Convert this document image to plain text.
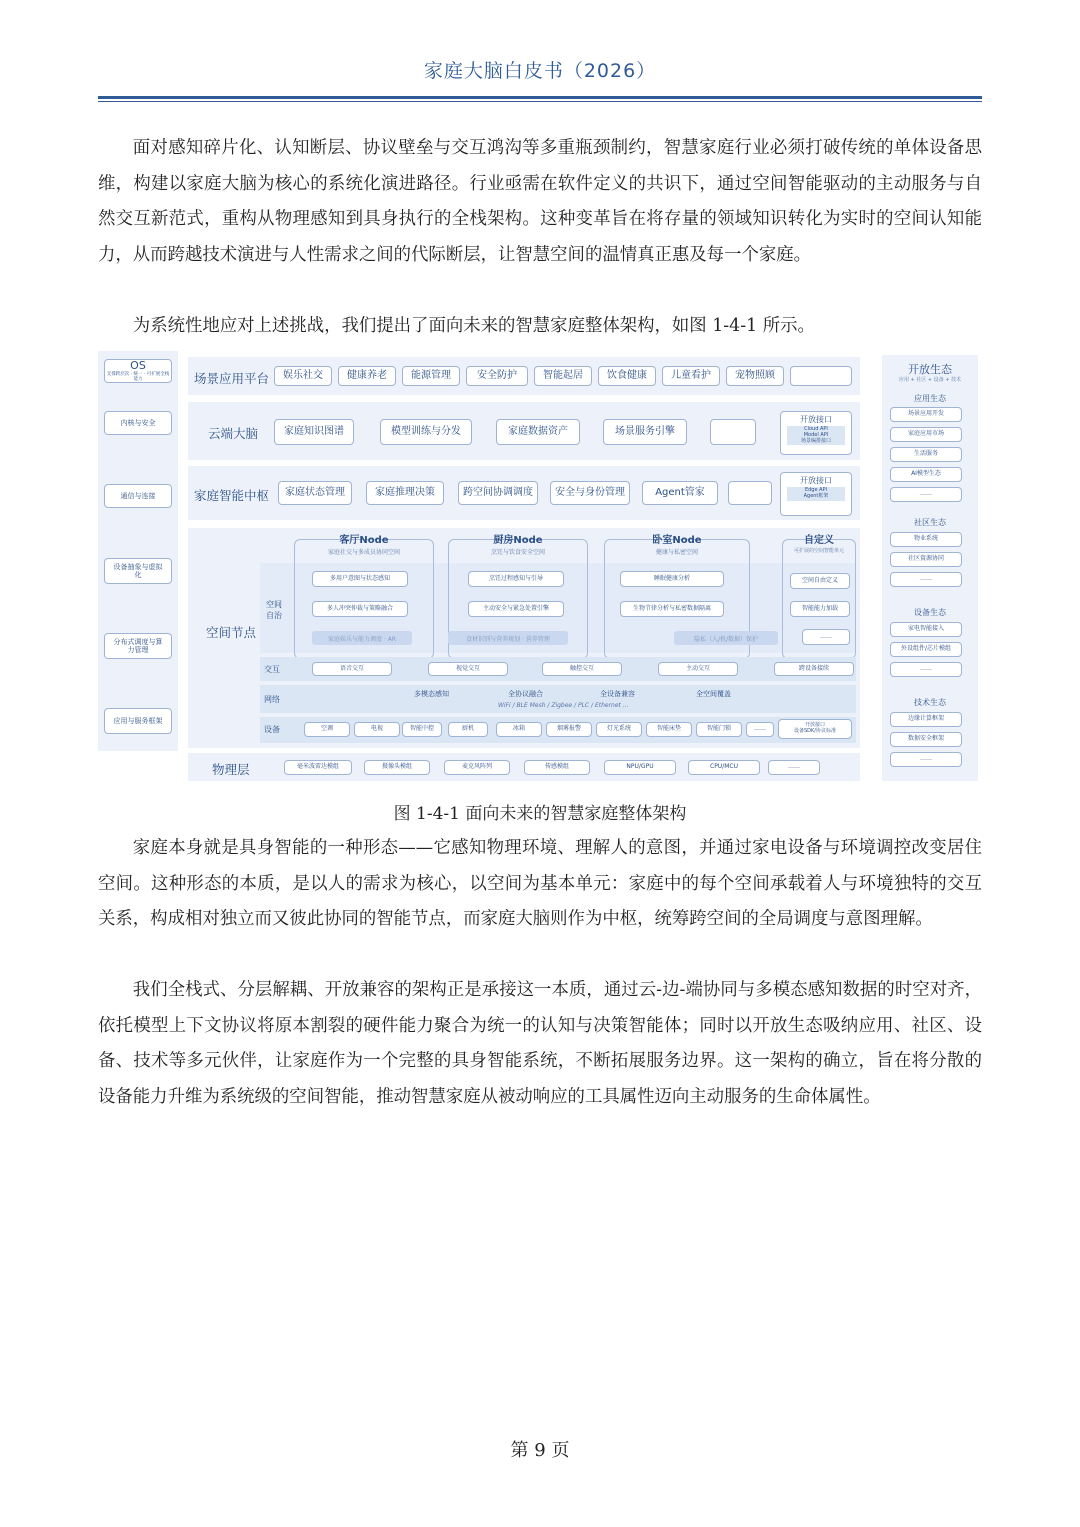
家庭大脑白皮书（2026）

面对感知碎片化、认知断层、协议壁垒与交互鸿沟等多重瓶颈制约，智慧家庭行业必须打破传统的单体设备思维，构建以家庭大脑为核心的系统化演进路径。行业亟需在软件定义的共识下，通过空间智能驱动的主动服务与自然交互新范式，重构从物理感知到具身执行的全栈架构。这种变革旨在将存量的领域知识转化为实时的空间认知能力，从而跨越技术演进与人性需求之间的代际断层，让智慧空间的温情真正惠及每一个家庭。

为系统性地应对上述挑战，我们提出了面向未来的智慧家庭整体架构，如图 1-4-1 所示。

OS
支撑跨层次 · 统一 · 可扩展全栈能力
内核与安全
通信与连接
设备抽象与虚拟化
分布式调度与算力管理
应用与服务框架
场景应用平台	娱乐社交	健康养老	能源管理	安全防护	智能起居	饮食健康	儿童看护	宠物照顾
云端大脑	家庭知识图谱	模型训练与分发	家庭数据资产	场景服务引擎
开放接口
Cloud API
Model API
场景编排接口
家庭智能中枢	家庭状态管理	家庭推理决策	跨空间协调调度	安全与身份管理	Agent管家
开放接口
Edge API
Agent框架
空间节点
空间
自治
客厅Node
家庭社交与多成员协同空间
多用户意图与状态感知
多人冲突仲裁与策略融合
家庭娱乐与能力调度 · AR
厨房Node
烹饪与饮食安全空间
烹饪过程感知与引导
主动安全与紧急处置引擎
食材识别与营养规划 · 营养管理
卧室Node
健康与私密空间
睡眠健康分析
生物节律分析与私密数据隔离
隐私（人/机/数据）保护
自定义
可扩展的空间智能单元
空间自由定义
智能能力加载
……
交互	语音交互	视觉交互	触控交互	主动交互	跨设备接续
网络
多模态感知	全协议融合	全设备兼容	全空间覆盖
WiFi / BLE Mesh / Zigbee / PLC / Ethernet ...
设备	空调	电视	智能中控	厨机	冰箱	烟雾报警	灯光系统	智能床垫	智能门锁	……	开放接口
设备SDK/协议标准
物理层	毫米波雷达模组	摄像头模组	麦克风阵列	传感模组	NPU/GPU	CPU/MCU	……
开放生态
应用 + 社区 + 设备 + 技术
应用生态
场景应用开发
家庭应用市场
生活服务
AI模型生态
……
社区生态
物业系统
社区資源协同
……
设备生态
家电智能接入
外设组件/芯片模组
……
技术生态
边缘计算框架
数据安全框架
……
图 1-4-1 面向未来的智慧家庭整体架构

家庭本身就是具身智能的一种形态——它感知物理环境、理解人的意图，并通过家电设备与环境调控改变居住空间。这种形态的本质，是以人的需求为核心，以空间为基本单元：家庭中的每个空间承载着人与环境独特的交互关系，构成相对独立而又彼此协同的智能节点，而家庭大脑则作为中枢，统筹跨空间的全局调度与意图理解。

我们全栈式、分层解耦、开放兼容的架构正是承接这一本质，通过云-边-端协同与多模态感知数据的时空对齐，依托模型上下文协议将原本割裂的硬件能力聚合为统一的认知与决策智能体；同时以开放生态吸纳应用、社区、设备、技术等多元伙伴，让家庭作为一个完整的具身智能系统，不断拓展服务边界。这一架构的确立，旨在将分散的设备能力升维为系统级的空间智能，推动智慧家庭从被动响应的工具属性迈向主动服务的生命体属性。

第 9 页
